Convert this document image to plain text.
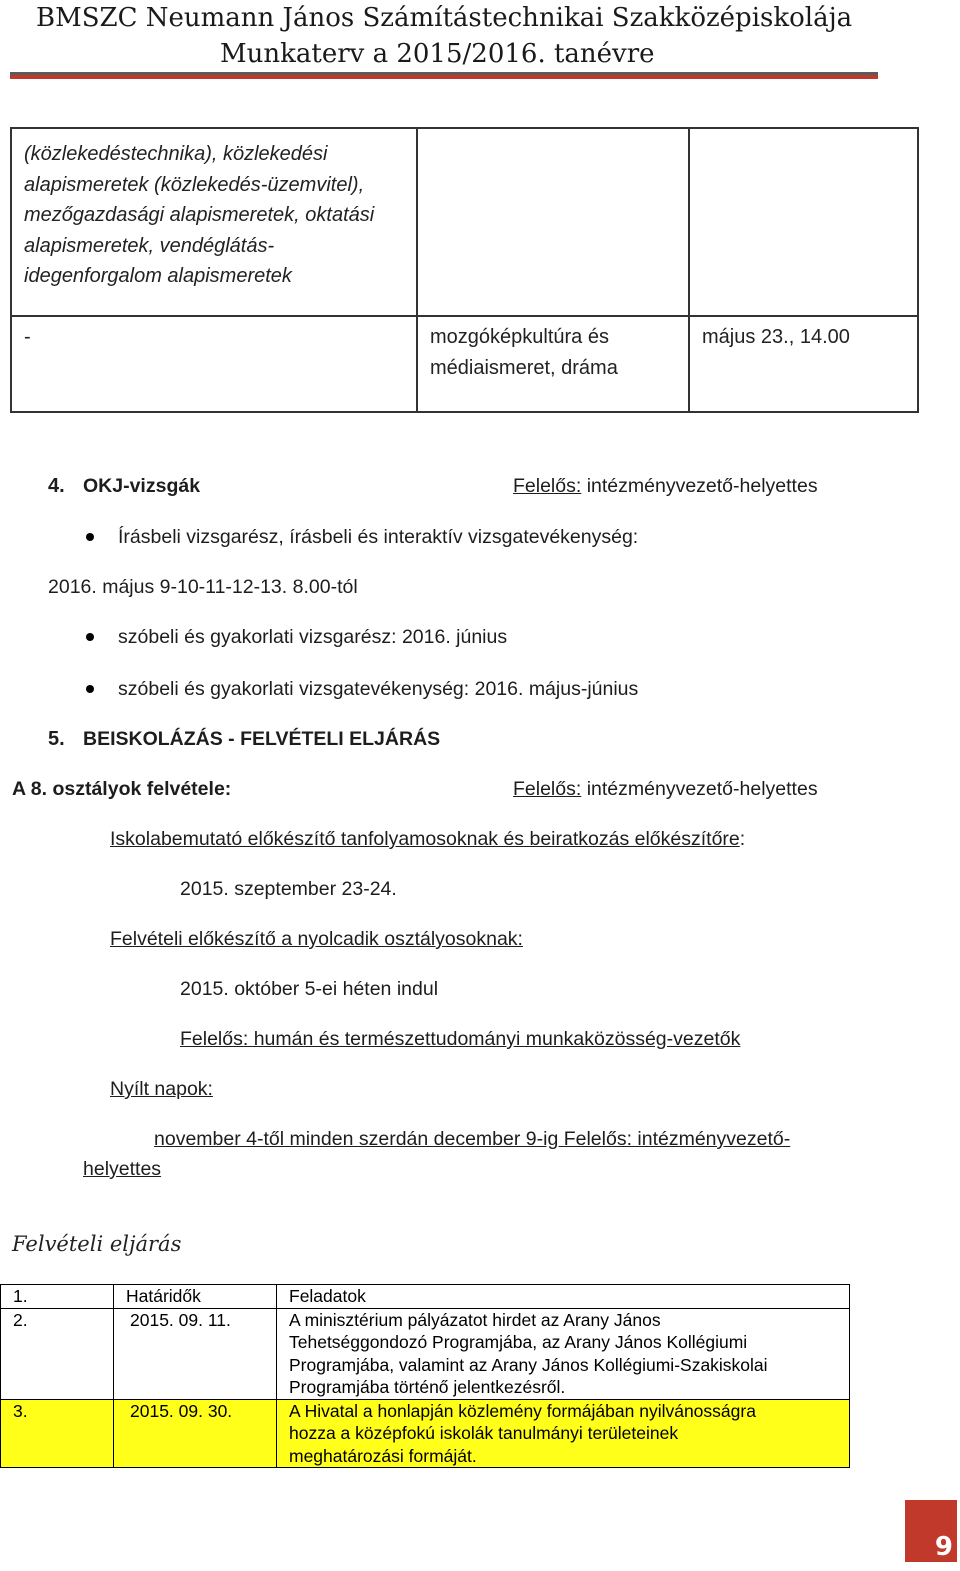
BMSZC Neumann János Számítástechnikai Szakközépiskolája
Munkaterv a 2015/2016. tanévre
(közlekedéstechnika), közlekedési
alapismeretek (közlekedés-üzemvitel),
mezőgazdasági alapismeretek, oktatási
alapismeretek, vendéglátás-
idegenforgalom alapismeretek		

-	mozgóképkultúra és
médiaismeret, dráma	május 23., 14.00
4. OKJ-vizsgák	Felelős: intézményvezető-helyettes
Írásbeli vizsgarész, írásbeli és interaktív vizsgatevékenység:
2016. május 9-10-11-12-13. 8.00-tól
szóbeli és gyakorlati vizsgarész: 2016. június
szóbeli és gyakorlati vizsgatevékenység: 2016. május-június
5. BEISKOLÁZÁS - FELVÉTELI ELJÁRÁS
A 8. osztályok felvétele:	Felelős: intézményvezető-helyettes
Iskolabemutató előkészítő tanfolyamosoknak és beiratkozás előkészítőre:
2015. szeptember 23-24.
Felvételi előkészítő a nyolcadik osztályosoknak:
2015. október 5-ei héten indul
Felelős: humán és természettudományi munkaközösség-vezetők
Nyílt napok:
november 4-től minden szerdán december 9-ig Felelős: intézményvezető-
helyettes
Felvételi eljárás
1.	Határidők	Feladatok
2.	2015. 09. 11.	A minisztérium pályázatot hirdet az Arany János
Tehetséggondozó Programjába, az Arany János Kollégiumi
Programjába, valamint az Arany János Kollégiumi-Szakiskolai
Programjába történő jelentkezésről.

3.	2015. 09. 30.	A Hivatal a honlapján közlemény formájában nyilvánosságra
hozza a középfokú iskolák tanulmányi területeinek
meghatározási formáját.
9
